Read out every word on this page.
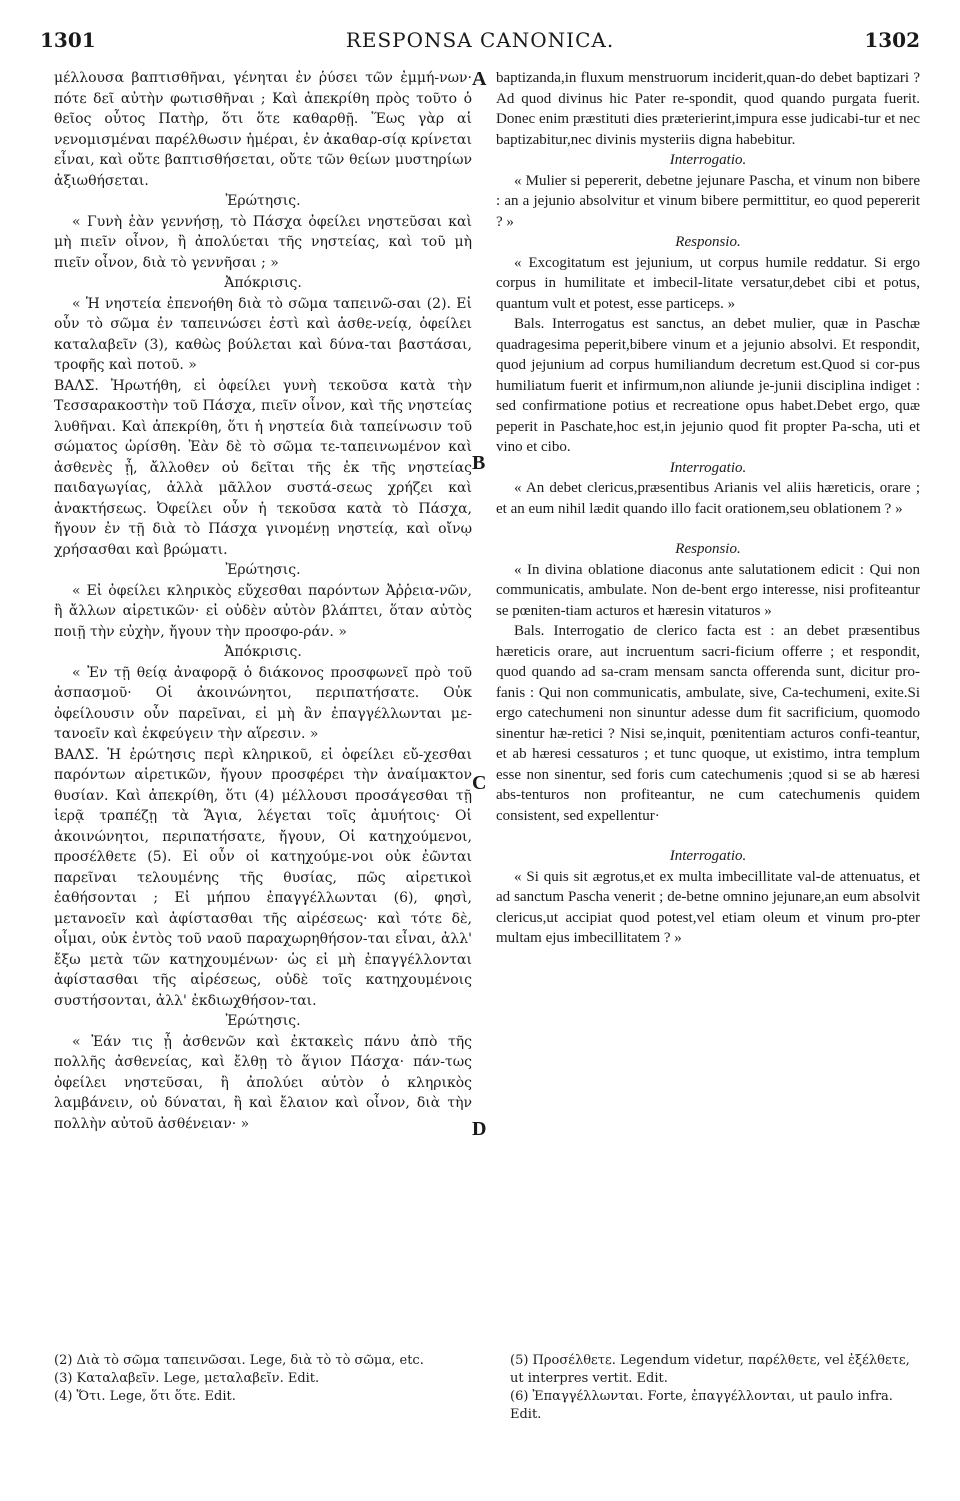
1301	RESPONSA CANONICA.	1302
A
B
C
D

μέλλουσα βαπτισθῆναι, γένηται ἐν ῥύσει τῶν ἐμμή-νων· πότε δεῖ αὐτὴν φωτισθῆναι ; Καὶ ἀπεκρίθη πρὸς τοῦτο ὁ θεῖος οὗτος Πατὴρ, ὅτι ὅτε καθαρθῇ. Ἕως γὰρ αἱ νενομισμέναι παρέλθωσιν ἡμέραι, ἐν ἀκαθαρ-σίᾳ κρίνεται εἶναι, καὶ οὔτε βαπτισθήσεται, οὔτε τῶν θείων μυστηρίων ἀξιωθήσεται.

Ἐρώτησις.

« Γυνὴ ἐὰν γεννήσῃ, τὸ Πάσχα ὀφείλει νηστεῦσαι καὶ μὴ πιεῖν οἶνον, ἢ ἀπολύεται τῆς νηστείας, καὶ τοῦ μὴ πιεῖν οἶνον, διὰ τὸ γεννῆσαι ; »

Ἀπόκρισις.

« Ἡ νηστεία ἐπενοήθη διὰ τὸ σῶμα ταπεινῶ-σαι (2). Εἰ οὖν τὸ σῶμα ἐν ταπεινώσει ἐστὶ καὶ ἀσθε-νείᾳ, ὀφείλει καταλαβεῖν (3), καθὼς βούλεται καὶ δύνα-ται βαστάσαι, τροφῆς καὶ ποτοῦ. »

ΒΑΛΣ. Ἠρωτήθη, εἰ ὀφείλει γυνὴ τεκοῦσα κατὰ τὴν Τεσσαρακοστὴν τοῦ Πάσχα, πιεῖν οἶνον, καὶ τῆς νηστείας λυθῆναι. Καὶ ἀπεκρίθη, ὅτι ἡ νηστεία διὰ ταπείνωσιν τοῦ σώματος ὡρίσθη. Ἐὰν δὲ τὸ σῶμα τε-ταπεινωμένον καὶ ἀσθενὲς ᾖ, ἄλλοθεν οὐ δεῖται τῆς ἐκ τῆς νηστείας παιδαγωγίας, ἀλλὰ μᾶλλον συστά-σεως χρήζει καὶ ἀνακτήσεως. Ὀφείλει οὖν ἡ τεκοῦσα κατὰ τὸ Πάσχα, ἤγουν ἐν τῇ διὰ τὸ Πάσχα γινομένῃ νηστείᾳ, καὶ οἴνῳ χρήσασθαι καὶ βρώματι.

Ἐρώτησις.

« Εἰ ὀφείλει κληρικὸς εὔχεσθαι παρόντων Ἀῤῥεια-νῶν, ἢ ἄλλων αἱρετικῶν· εἰ οὐδὲν αὐτὸν βλάπτει, ὅταν αὐτὸς ποιῇ τὴν εὐχὴν, ἤγουν τὴν προσφο-ράν. »

Ἀπόκρισις.

« Ἐν τῇ θείᾳ ἀναφορᾷ ὁ διάκονος προσφωνεῖ πρὸ τοῦ ἀσπασμοῦ· Οἱ ἀκοινώνητοι, περιπατήσατε. Οὐκ ὀφείλουσιν οὖν παρεῖναι, εἰ μὴ ἂν ἐπαγγέλλωνται με-τανοεῖν καὶ ἐκφεύγειν τὴν αἵρεσιν. »

ΒΑΛΣ. Ἡ ἐρώτησις περὶ κληρικοῦ, εἰ ὀφείλει εὔ-χεσθαι παρόντων αἱρετικῶν, ἤγουν προσφέρει τὴν ἀναίμακτον θυσίαν. Καὶ ἀπεκρίθη, ὅτι (4) μέλλουσι προσάγεσθαι τῇ ἱερᾷ τραπέζῃ τὰ Ἅγια, λέγεται τοῖς ἀμυήτοις· Οἱ ἀκοινώνητοι, περιπατήσατε, ἤγουν, Οἱ κατηχούμενοι, προσέλθετε (5). Εἰ οὖν οἱ κατηχούμε-νοι οὐκ ἐῶνται παρεῖναι τελουμένης τῆς θυσίας, πῶς αἱρετικοὶ ἐαθήσονται ; Εἰ μήπου ἐπαγγέλλωνται (6), φησὶ, μετανοεῖν καὶ ἀφίστασθαι τῆς αἱρέσεως· καὶ τότε δὲ, οἶμαι, οὐκ ἐντὸς τοῦ ναοῦ παραχωρηθήσον-ται εἶναι, ἀλλ' ἔξω μετὰ τῶν κατηχουμένων· ὡς εἰ μὴ ἐπαγγέλλονται ἀφίστασθαι τῆς αἱρέσεως, οὐδὲ τοῖς κατηχουμένοις συστήσονται, ἀλλ' ἐκδιωχθήσον-ται.

Ἐρώτησις.

« Ἐάν τις ᾖ ἀσθενῶν καὶ ἐκτακεὶς πάνυ ἀπὸ τῆς πολλῆς ἀσθενείας, καὶ ἔλθῃ τὸ ἅγιον Πάσχα· πάν-τως ὀφείλει νηστεῦσαι, ἢ ἀπολύει αὐτὸν ὁ κληρικὸς λαμβάνειν, οὐ δύναται, ἢ καὶ ἔλαιον καὶ οἶνον, διὰ τὴν πολλὴν αὐτοῦ ἀσθένειαν· »

baptizanda,in fluxum menstruorum inciderit,quan-do debet baptizari ? Ad quod divinus hic Pater re-spondit, quod quando purgata fuerit. Donec enim præstituti dies præterierint,impura esse judicabi-tur et nec baptizabitur,nec divinis mysteriis digna habebitur.

Interrogatio.

« Mulier si pepererit, debetne jejunare Pascha, et vinum non bibere : an a jejunio absolvitur et vinum bibere permittitur, eo quod pepererit ? »

Responsio.

« Excogitatum est jejunium, ut corpus humile reddatur. Si ergo corpus in humilitate et imbecil-litate versatur,debet cibi et potus, quantum vult et potest, esse particeps. »

Bals. Interrogatus est sanctus, an debet mulier, quæ in Paschæ quadragesima peperit,bibere vinum et a jejunio absolvi. Et respondit, quod jejunium ad corpus humiliandum decretum est.Quod si cor-pus humiliatum fuerit et infirmum,non aliunde je-junii disciplina indiget : sed confirmatione potius et recreatione opus habet.Debet ergo, quæ peperit in Paschate,hoc est,in jejunio quod fit propter Pa-scha, uti et vino et cibo.

Interrogatio.

« An debet clericus,præsentibus Arianis vel aliis hæreticis, orare ; et an eum nihil lædit quando illo facit orationem,seu oblationem ? »

Responsio.

« In divina oblatione diaconus ante salutationem edicit : Qui non communicatis, ambulate. Non de-bent ergo interesse, nisi profiteantur se pœniten-tiam acturos et hæresin vitaturos »

Bals. Interrogatio de clerico facta est : an debet præsentibus hæreticis orare, aut incruentum sacri-ficium offerre ; et respondit, quod quando ad sa-cram mensam sancta offerenda sunt, dicitur pro-fanis : Qui non communicatis, ambulate, sive, Ca-techumeni, exite.Si ergo catechumeni non sinuntur adesse dum fit sacrificium, quomodo sinentur hæ-retici ? Nisi se,inquit, pœnitentiam acturos confi-teantur, et ab hæresi cessaturos ; et tunc quoque, ut existimo, intra templum esse non sinentur, sed foris cum catechumenis ;quod si se ab hæresi abs-tenturos non profiteantur, ne cum catechumenis quidem consistent, sed expellentur·

Interrogatio.

« Si quis sit ægrotus,et ex multa imbecillitate val-de attenuatus, et ad sanctum Pascha venerit ; de-betne omnino jejunare,an eum absolvit clericus,ut accipiat quod potest,vel etiam oleum et vinum pro-pter multam ejus imbecillitatem ? »

(2) Διὰ τὸ σῶμα ταπεινῶσαι. Lege, διὰ τὸ τὸ σῶμα, etc.

(3) Καταλαβεῖν. Lege, μεταλαβεῖν. Edit.

(4) Ὅτι. Lege, ὅτι ὅτε. Edit.

(5) Προσέλθετε. Legendum videtur, παρέλθετε, vel ἐξέλθετε, ut interpres vertit. Edit.

(6) Ἐπαγγέλλωνται. Forte, ἐπαγγέλλονται, ut paulo infra. Edit.
